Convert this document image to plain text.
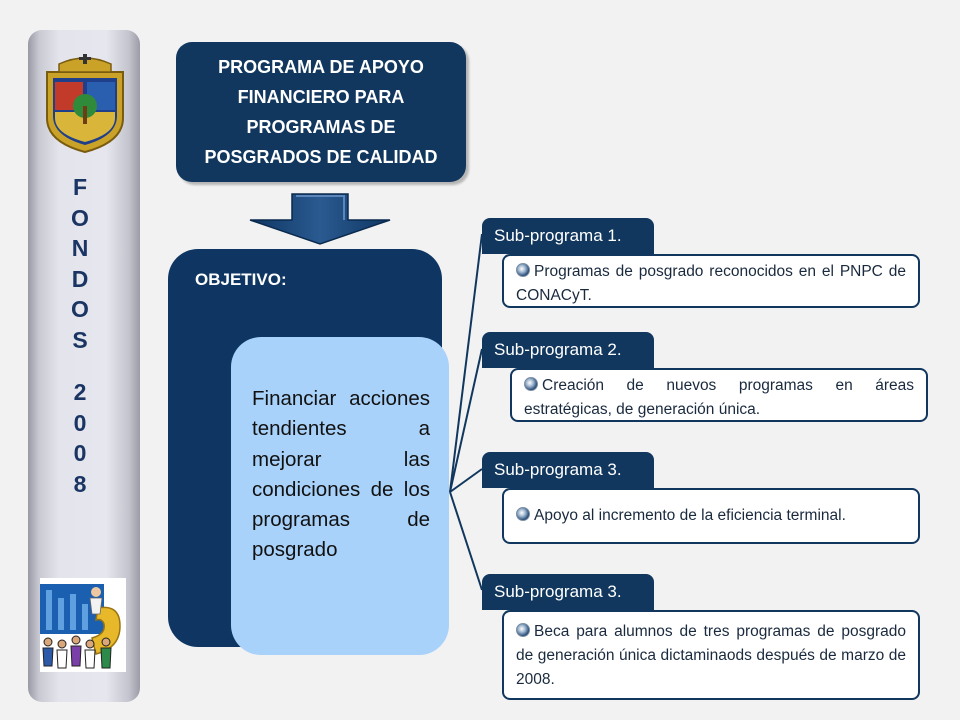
F
O
N
D
O
S
2
0
0
8
PROGRAMA DE APOYO FINANCIERO PARA PROGRAMAS DE POSGRADOS DE CALIDAD
OBJETIVO:
Financiar acciones tendientes a mejorar las condiciones de los programas de posgrado
Sub-programa 1.
Programas de posgrado reconocidos en el PNPC de CONACyT.
Sub-programa 2.
Creación de nuevos programas en áreas estratégicas, de generación única.
Sub-programa 3.
Apoyo al incremento de la eficiencia terminal.
Sub-programa 3.
Beca para alumnos de tres programas de posgrado de generación única dictaminaods después de marzo de 2008.
